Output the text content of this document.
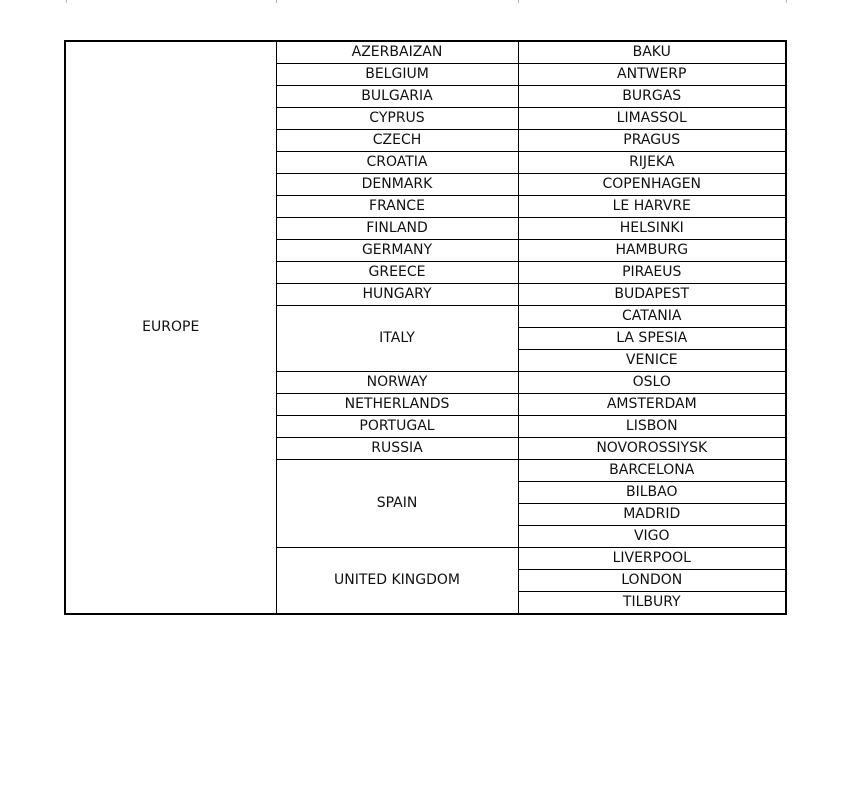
EUROPE	AZERBAIZAN	BAKU
	BELGIUM	ANTWERP
	BULGARIA	BURGAS
	CYPRUS	LIMASSOL
	CZECH	PRAGUS
	CROATIA	RIJEKA
	DENMARK	COPENHAGEN
	FRANCE	LE HARVRE
	FINLAND	HELSINKI
	GERMANY	HAMBURG
	GREECE	PIRAEUS
	HUNGARY	BUDAPEST
	ITALY	CATANIA
		LA SPESIA
		VENICE
	NORWAY	OSLO
	NETHERLANDS	AMSTERDAM
	PORTUGAL	LISBON
	RUSSIA	NOVOROSSIYSK
	SPAIN	BARCELONA
		BILBAO
		MADRID
		VIGO
	UNITED KINGDOM	LIVERPOOL
		LONDON
		TILBURY
